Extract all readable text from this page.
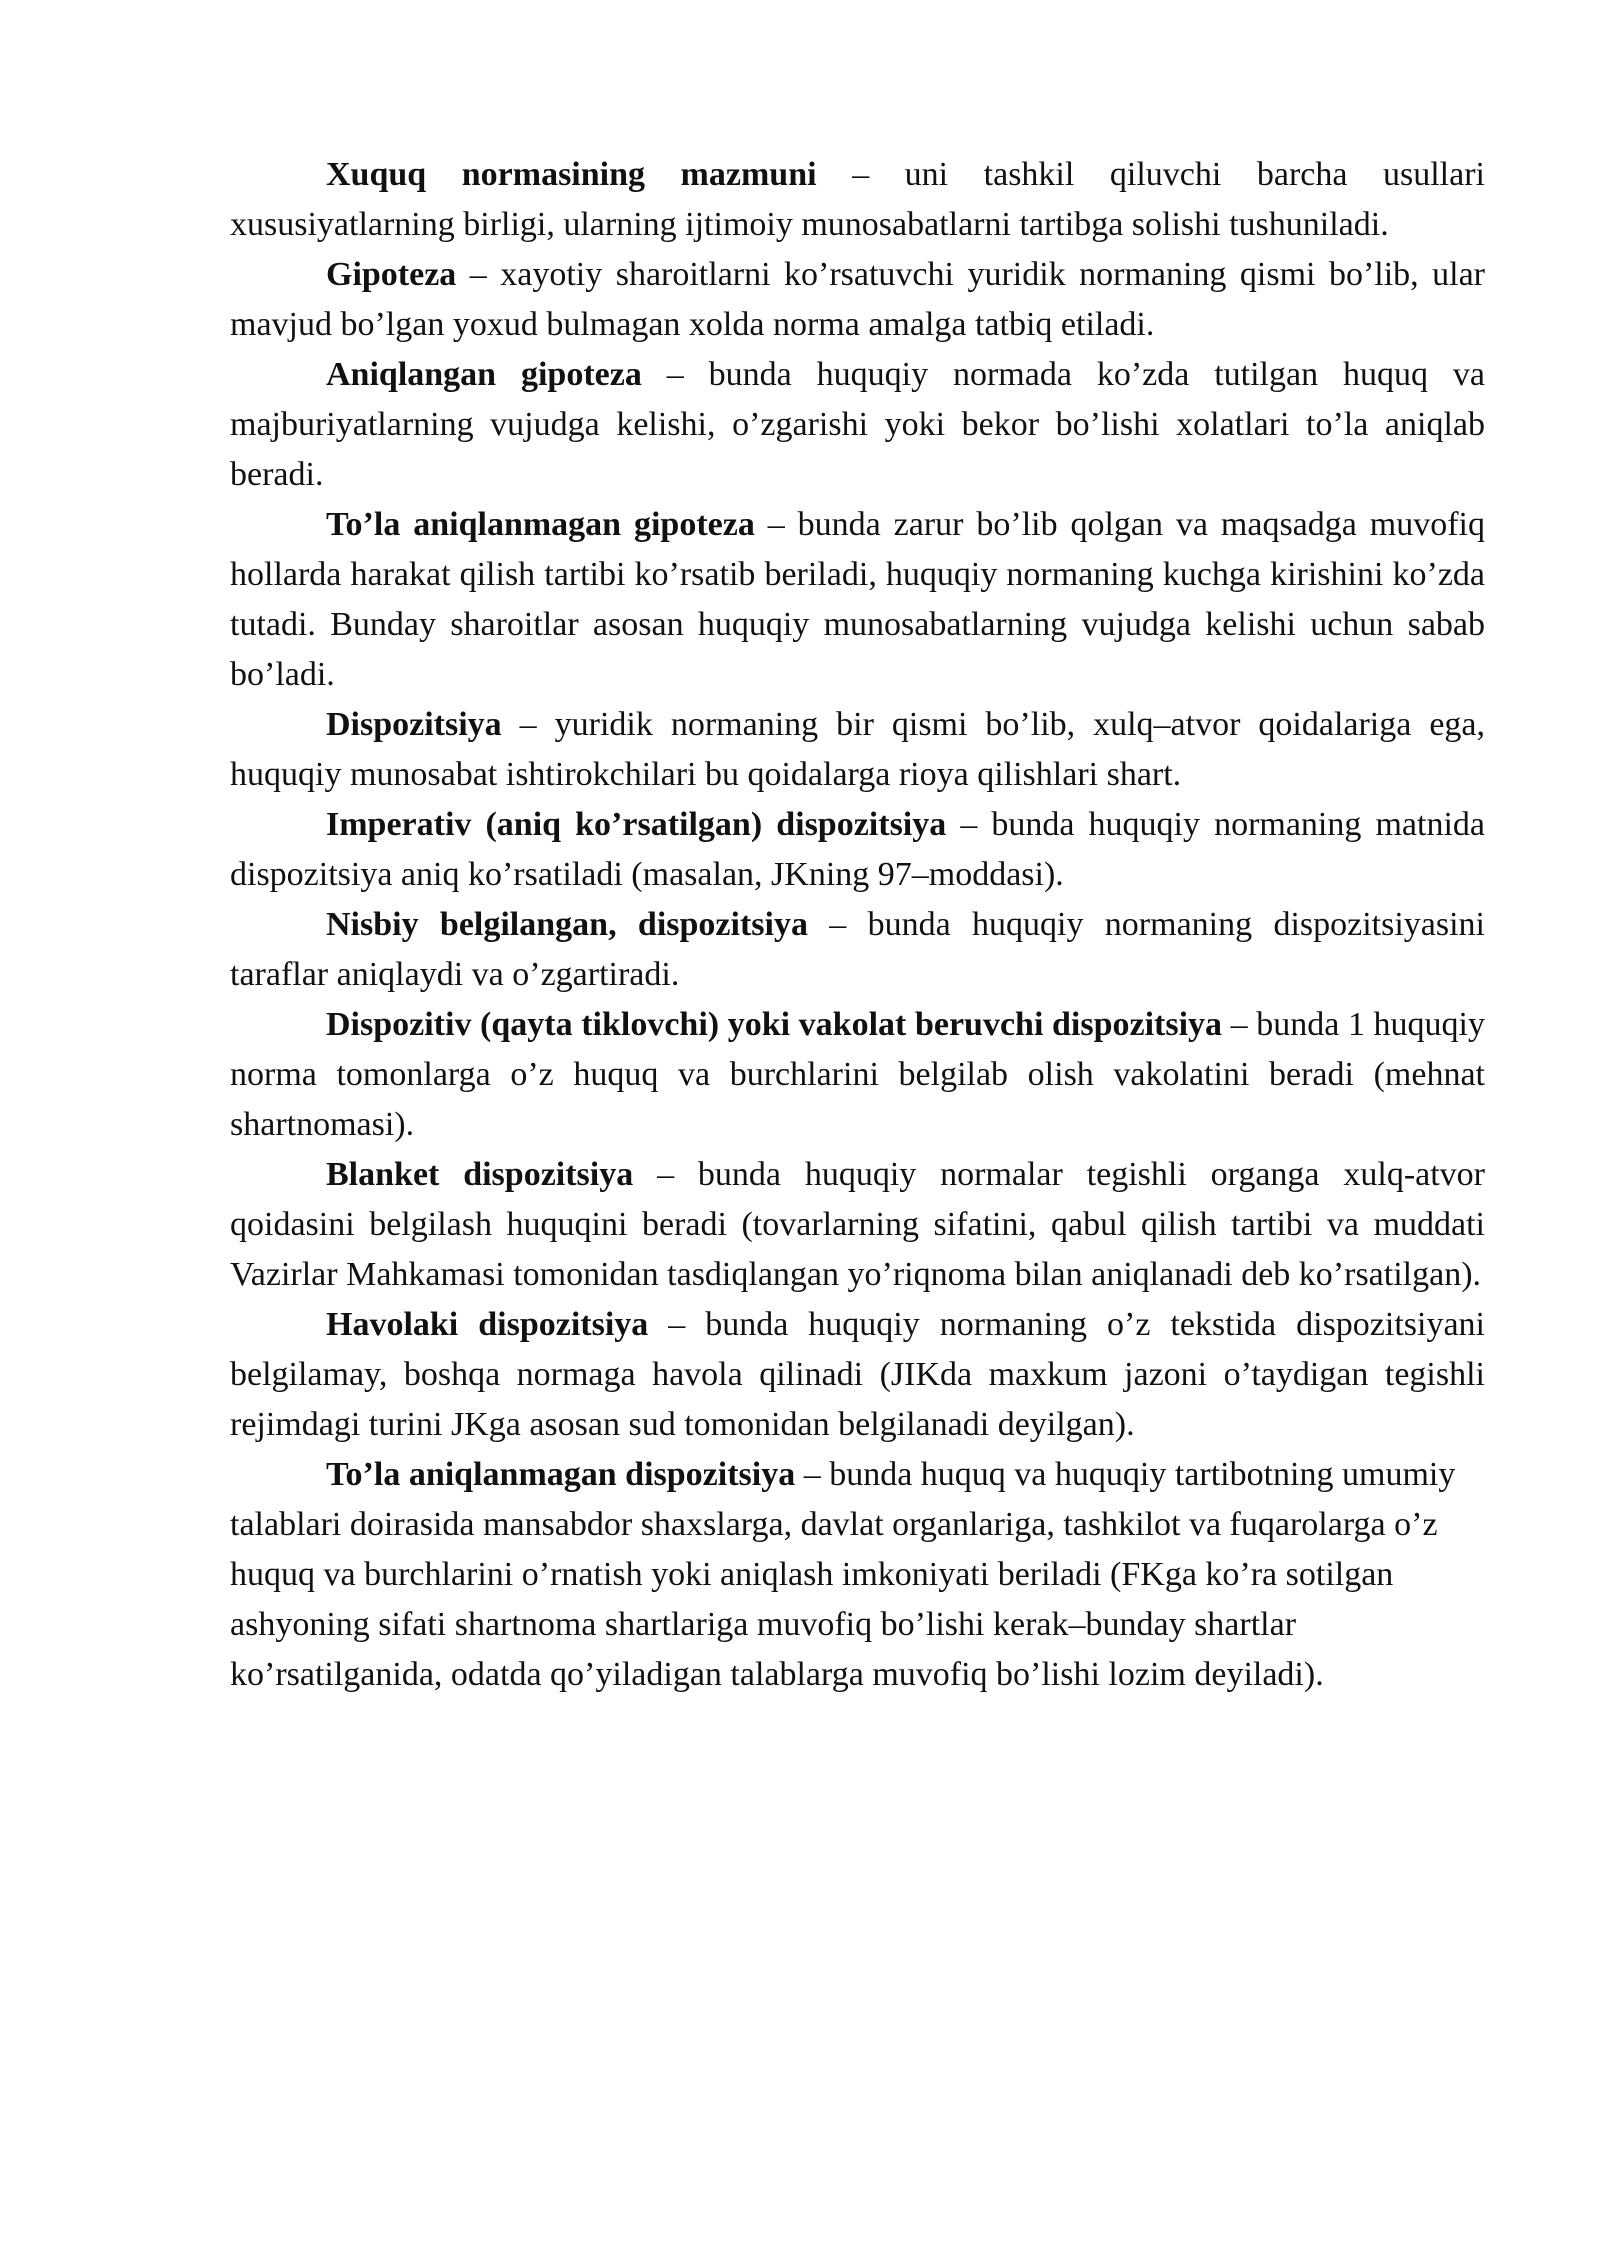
Xuquq normasining mazmuni – uni tashkil qiluvchi barcha usullari xususiyatlarning birligi, ularning ijtimoiy munosabatlarni tartibga solishi tushuniladi.

Gipoteza – xayotiy sharoitlarni ko’rsatuvchi yuridik normaning qismi bo’lib, ular mavjud bo’lgan yoxud bulmagan xolda norma amalga tatbiq etiladi.

Aniqlangan gipoteza – bunda huquqiy normada ko’zda tutilgan huquq va majburiyatlarning vujudga kelishi, o’zgarishi yoki bekor bo’lishi xolatlari to’la aniqlab beradi.

To’la aniqlanmagan gipoteza – bunda zarur bo’lib qolgan va maqsadga muvofiq hollarda harakat qilish tartibi ko’rsatib beriladi, huquqiy normaning kuchga kirishini ko’zda tutadi. Bunday sharoitlar asosan huquqiy munosabatlarning vujudga kelishi uchun sabab bo’ladi.

Dispozitsiya – yuridik normaning bir qismi bo’lib, xulq–atvor qoidalariga ega, huquqiy munosabat ishtirokchilari bu qoidalarga rioya qilishlari shart.

Imperativ (aniq ko’rsatilgan) dispozitsiya – bunda huquqiy normaning matnida dispozitsiya aniq ko’rsatiladi (masalan, JKning 97–moddasi).

Nisbiy belgilangan, dispozitsiya – bunda huquqiy normaning dispozitsiyasini taraflar aniqlaydi va o’zgartiradi.

Dispozitiv (qayta tiklovchi) yoki vakolat beruvchi dispozitsiya – bunda 1 huquqiy norma tomonlarga o’z huquq va burchlarini belgilab olish vakolatini beradi (mehnat shartnomasi).

Blanket dispozitsiya – bunda huquqiy normalar tegishli organga xulq-atvor qoidasini belgilash huquqini beradi (tovarlarning sifatini, qabul qilish tartibi va muddati Vazirlar Mahkamasi tomonidan tasdiqlangan yo’riqnoma bilan aniqlanadi deb ko’rsatilgan).

Havolaki dispozitsiya – bunda huquqiy normaning o’z tekstida dispozitsiyani belgilamay, boshqa normaga havola qilinadi (JIKda maxkum jazoni o’taydigan tegishli rejimdagi turini JKga asosan sud tomonidan belgilanadi deyilgan).

To’la aniqlanmagan dispozitsiya – bunda huquq va huquqiy tartibotning umumiy talablari doirasida mansabdor shaxslarga, davlat organlariga, tashkilot va fuqarolarga o’z huquq va burchlarini o’rnatish yoki aniqlash imkoniyati beriladi (FKga ko’ra sotilgan ashyoning sifati shartnoma shartlariga muvofiq bo’lishi kerak–bunday shartlar ko’rsatilganida, odatda qo’yiladigan talablarga muvofiq bo’lishi lozim deyiladi).
